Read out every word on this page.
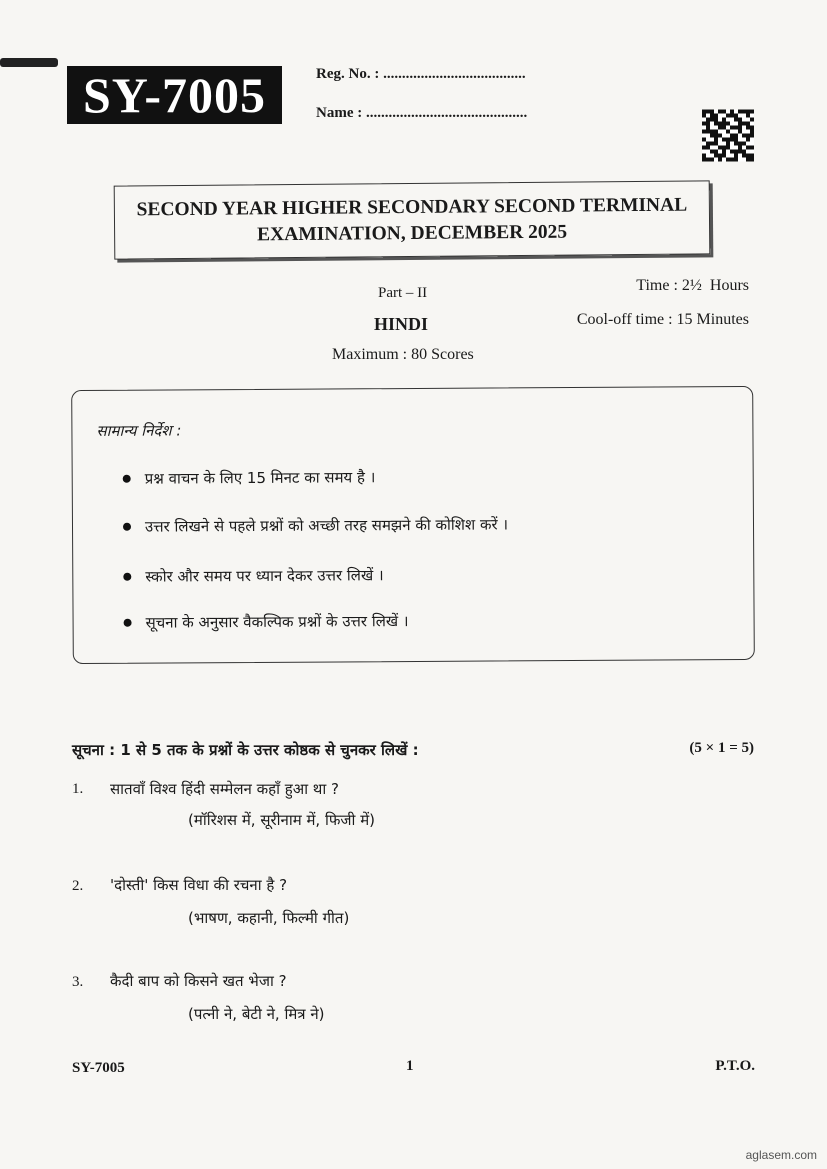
SY-7005	Reg. No. : ......................................
Name : ...........................................
SECOND YEAR HIGHER SECONDARY SECOND TERMINAL
EXAMINATION, DECEMBER 2025
Part – II
HINDI
Maximum : 80 Scores
Time : 2½  Hours
Cool-off time : 15 Minutes
सामान्य निर्देश :
प्रश्न वाचन के लिए 15 मिनट का समय है ।
उत्तर लिखने से पहले प्रश्नों को अच्छी तरह समझने की कोशिश करें ।
स्कोर और समय पर ध्यान देकर उत्तर लिखें ।
सूचना के अनुसार वैकल्पिक प्रश्नों के उत्तर लिखें ।
सूचना : 1 से 5 तक के प्रश्नों के उत्तर कोष्ठक से चुनकर लिखें :	(5 × 1 = 5)
1. सातवाँ विश्व हिंदी सम्मेलन कहाँ हुआ था ?
(मॉरिशस में, सूरीनाम में, फिजी में)
2. 'दोस्ती' किस विधा की रचना है ?
(भाषण, कहानी, फिल्मी गीत)
3. कैदी बाप को किसने खत भेजा ?
(पत्नी ने, बेटी ने, मित्र ने)
SY-7005	1	P.T.O.
aglasem.com
